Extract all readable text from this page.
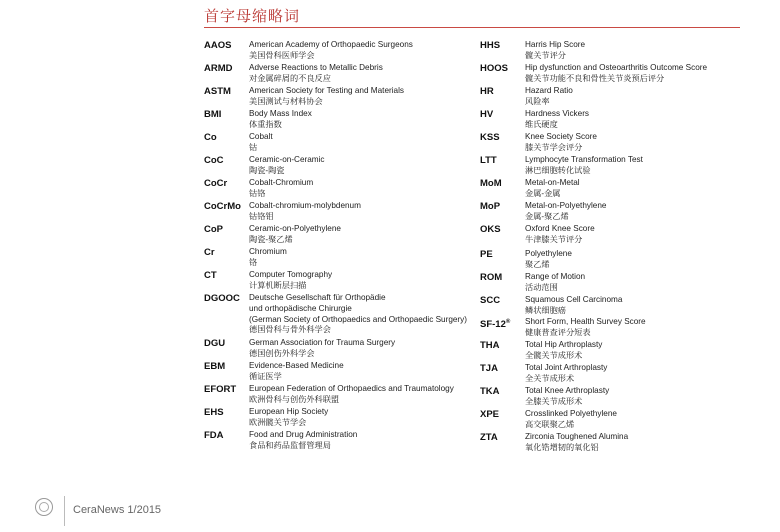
首字母缩略词
AAOS	American Academy of Orthopaedic Surgeons
美国骨科医师学会
ARMD	Adverse Reactions to Metallic Debris
对金属碎屑的不良反应
ASTM	American Society for Testing and Materials
美国测试与材料协会
BMI	Body Mass Index
体重指数
Co	Cobalt
钴
CoC	Ceramic-on-Ceramic
陶瓷-陶瓷
CoCr	Cobalt-Chromium
钴铬
CoCrMo Cobalt-chromium-molybdenum
钴铬钼
CoP	Ceramic-on-Polyethylene
陶瓷-聚乙烯
Cr	Chromium
铬
CT	Computer Tomography
计算机断层扫描
DGOOC	Deutsche Gesellschaft für Orthopädie
und orthopädische Chirurgie
(German Society of Orthopaedics and Orthopaedic Surgery)
德国骨科与骨外科学会
DGU	German Association for Trauma Surgery
德国创伤外科学会
EBM	Evidence-Based Medicine
循证医学
EFORT	European Federation of Orthopaedics and Traumatology
欧洲骨科与创伤外科联盟
EHS	European Hip Society
欧洲髋关节学会
FDA	Food and Drug Administration
食品和药品监督管理局
HHS	Harris Hip Score
髋关节评分
HOOS	Hip dysfunction and Osteoarthritis Outcome Score
髋关节功能不良和骨性关节炎预后评分
HR	Hazard Ratio
风险率
HV	Hardness Vickers
维氏硬度
KSS	Knee Society Score
膝关节学会评分
LTT	Lymphocyte Transformation Test
淋巴细胞转化试验
MoM	Metal-on-Metal
金属-金属
MoP	Metal-on-Polyethylene
金属-聚乙烯
OKS	Oxford Knee Score
牛津膝关节评分
PE	Polyethylene
聚乙烯
ROM	Range of Motion
活动范围
SCC	Squamous Cell Carcinoma
鳞状细胞癌
SF-12®	Short Form, Health Survey Score
健康普查评分短表
THA	Total Hip Arthroplasty
全髋关节成形术
TJA	Total Joint Arthroplasty
全关节成形术
TKA	Total Knee Arthroplasty
全膝关节成形术
XPE	Crosslinked Polyethylene
高交联聚乙烯
ZTA	Zirconia Toughened Alumina
氧化锆增韧的氧化铝
CeraNews 1/2015
